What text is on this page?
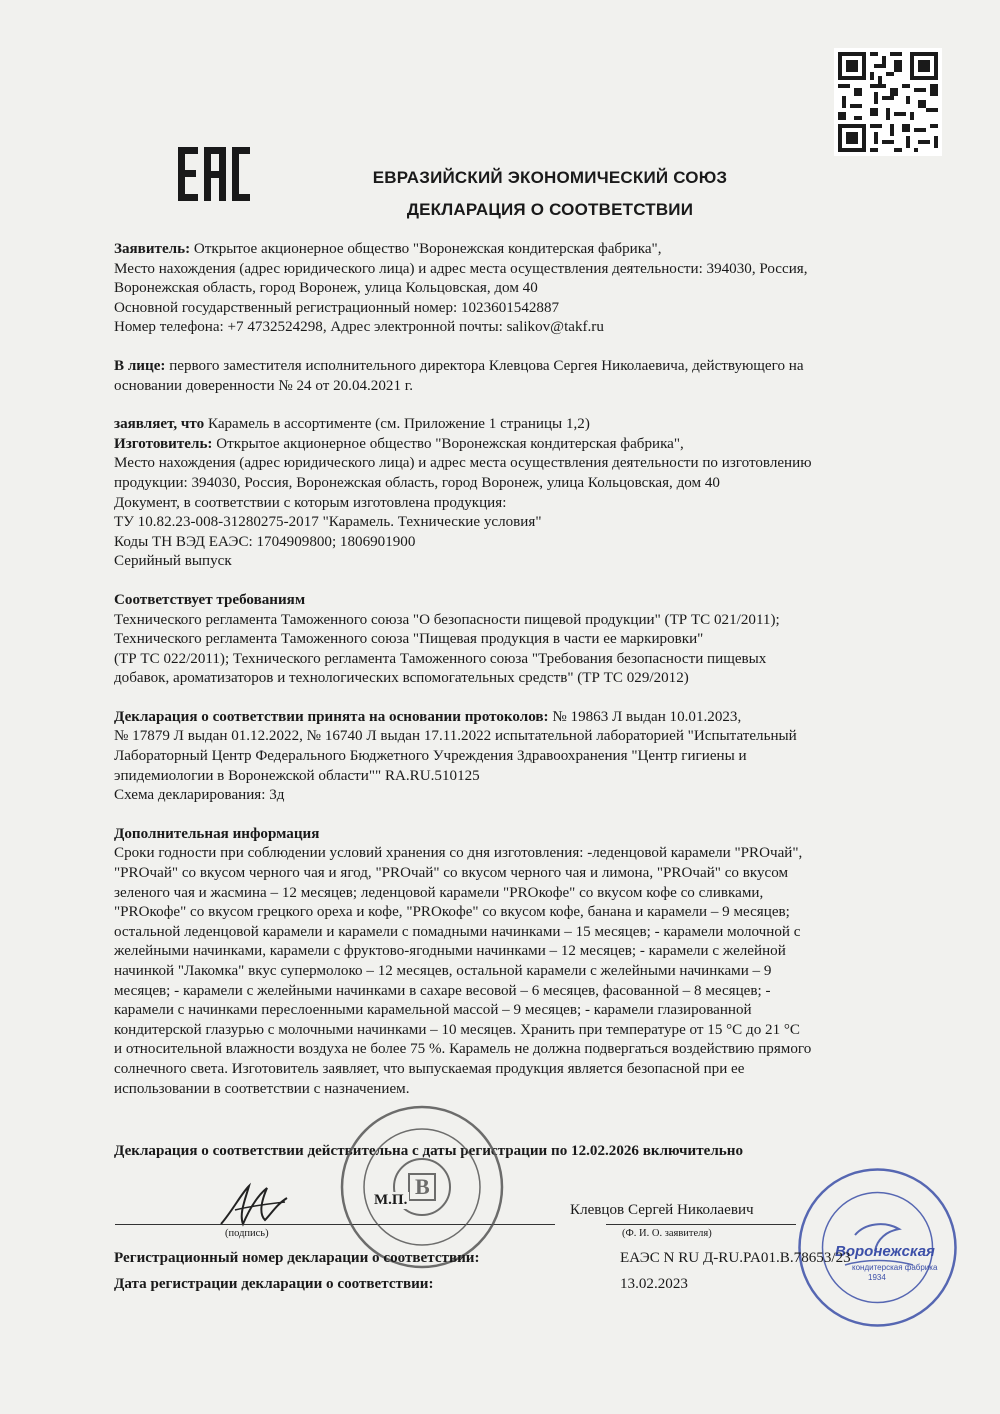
ЕВРАЗИЙСКИЙ ЭКОНОМИЧЕСКИЙ СОЮЗ
ДЕКЛАРАЦИЯ О СООТВЕТСТВИИ
Заявитель: Открытое акционерное общество "Воронежская кондитерская фабрика",
Место нахождения (адрес юридического лица) и адрес места осуществления деятельности: 394030, Россия,
Воронежская область, город Воронеж, улица Кольцовская, дом 40
Основной государственный регистрационный номер: 1023601542887
Номер телефона: +7 4732524298, Адрес электронной почты: salikov@takf.ru
В лице: первого заместителя исполнительного директора Клевцова Сергея Николаевича, действующего на
основании доверенности № 24 от 20.04.2021 г.
заявляет, что Карамель в ассортименте (см. Приложение 1 страницы 1,2)
Изготовитель: Открытое акционерное общество "Воронежская кондитерская фабрика",
Место нахождения (адрес юридического лица) и адрес места осуществления деятельности по изготовлению
продукции: 394030, Россия, Воронежская область, город Воронеж, улица Кольцовская, дом 40
Документ, в соответствии с которым изготовлена продукция:
ТУ 10.82.23-008-31280275-2017 "Карамель. Технические условия"
Коды ТН ВЭД ЕАЭС: 1704909800; 1806901900
Серийный выпуск
Соответствует требованиям
Технического регламента Таможенного союза "О безопасности пищевой продукции" (ТР ТС 021/2011);
Технического регламента Таможенного союза "Пищевая продукция в части ее маркировки"
(ТР ТС 022/2011); Технического регламента Таможенного союза "Требования безопасности пищевых
добавок, ароматизаторов и технологических вспомогательных средств" (ТР ТС 029/2012)
Декларация о соответствии принята на основании протоколов: № 19863 Л выдан 10.01.2023,
№ 17879 Л выдан 01.12.2022, № 16740 Л выдан 17.11.2022 испытательной лабораторией "Испытательный
Лабораторный Центр Федерального Бюджетного Учреждения Здравоохранения "Центр гигиены и
эпидемиологии в Воронежской области"" RA.RU.510125
Схема декларирования: 3д
Дополнительная информация
Сроки годности при соблюдении условий хранения со дня изготовления: -леденцовой карамели "PROчай",
"PROчай" со вкусом черного чая и ягод, "PROчай" со вкусом черного чая и лимона, "PROчай" со вкусом
зеленого чая и жасмина – 12 месяцев; леденцовой карамели "PROкофе" со вкусом кофе со сливками,
"PROкофе" со вкусом грецкого ореха и кофе, "PROкофе" со вкусом кофе, банана и карамели – 9 месяцев;
остальной леденцовой карамели и карамели с помадными начинками – 15 месяцев; - карамели молочной с
желейными начинками, карамели с фруктово-ягодными начинками – 12 месяцев; - карамели с желейной
начинкой "Лакомка" вкус супермолоко – 12 месяцев, остальной карамели с желейными начинками – 9
месяцев; - карамели с желейными начинками в сахаре весовой – 6 месяцев, фасованной – 8 месяцев; -
карамели с начинками переслоенными карамельной массой – 9 месяцев; - карамели глазированной
кондитерской глазурью с молочными начинками – 10 месяцев. Хранить при температуре от 15 °С до 21 °С
и относительной влажности воздуха не более 75 %. Карамель не должна подвергаться воздействию прямого
солнечного света. Изготовитель заявляет, что выпускаемая продукция является безопасной при ее
использовании в соответствии с назначением.
Декларация о соответствии действительна с даты регистрации по 12.02.2026 включительно
(подпись)
Клевцов Сергей Николаевич
(Ф. И. О. заявителя)
B
М.П.
Воронежская
кондитерская фабрика
1934
Регистрационный номер декларации о соответствии:	ЕАЭС N RU Д-RU.PA01.B.78653/23
Дата регистрации декларации о соответствии:	13.02.2023
